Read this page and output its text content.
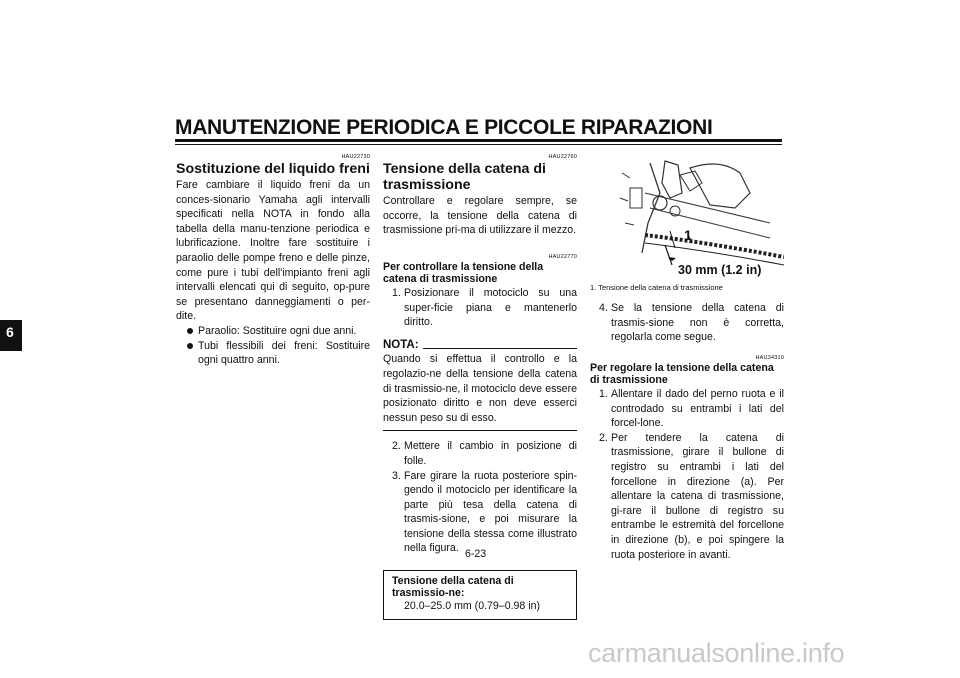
MANUTENZIONE PERIODICA E PICCOLE RIPARAZIONI
6
HAU22730
Sostituzione del liquido freni
Fare cambiare il liquido freni da un conces-sionario Yamaha agli intervalli specificati nella NOTA in fondo alla tabella della manu-tenzione periodica e lubrificazione. Inoltre fare sostituire i paraolio delle pompe freno e delle pinze, come pure i tubi dell'impianto freni agli intervalli elencati qui di seguito, op-pure se presentano danneggiamenti o per-dite.
Paraolio: Sostituire ogni due anni.
Tubi flessibili dei freni: Sostituire ogni quattro anni.
HAU22760
Tensione della catena di trasmissione
Controllare e regolare sempre, se occorre, la tensione della catena di trasmissione pri-ma di utilizzare il mezzo.
HAU22770
Per controllare la tensione della catena di trasmissione
1. Posizionare il motociclo su una super-ficie piana e mantenerlo diritto.
NOTA:
Quando si effettua il controllo e la regolazio-ne della tensione della catena di trasmissio-ne, il motociclo deve essere posizionato diritto e non deve esserci nessun peso su di esso.
2. Mettere il cambio in posizione di folle.
3. Fare girare la ruota posteriore spin-gendo il motociclo per identificare la parte più tesa della catena di trasmis-sione, e poi misurare la tensione della stessa come illustrato nella figura.
Tensione della catena di trasmissio-ne:
20.0–25.0 mm (0.79–0.98 in)
1
30 mm (1.2 in)
1. Tensione della catena di trasmissione
4. Se la tensione della catena di trasmis-sione non è corretta, regolarla come segue.
HAU34310
Per regolare la tensione della catena di trasmissione
1. Allentare il dado del perno ruota e il controdado su entrambi i lati del forcel-lone.
2. Per tendere la catena di trasmissione, girare il bullone di registro su entrambi i lati del forcellone in direzione (a). Per allentare la catena di trasmissione, gi-rare il bullone di registro su entrambe le estremità del forcellone in direzione (b), e poi spingere la ruota posteriore in avanti.
6-23
carmanualsonline.info
